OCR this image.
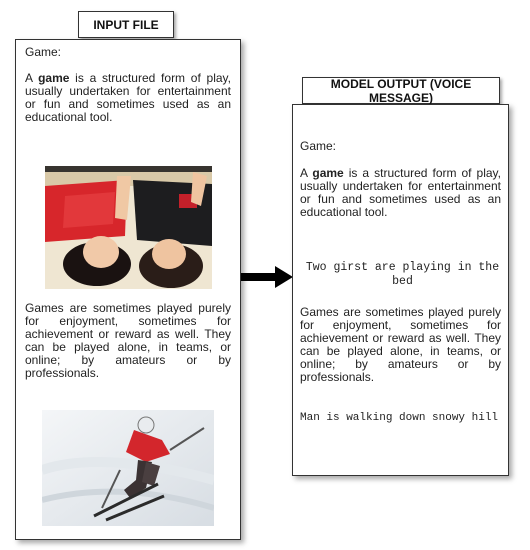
INPUT FILE
Game:
A game is a structured form of play, usually undertaken for entertainment or fun and sometimes used as an educational tool.
Games are sometimes played purely for enjoyment, sometimes for achievement or reward as well. They can be played alone, in teams, or online; by amateurs or by professionals.
MODEL OUTPUT (VOICE MESSAGE)
Game:
A game is a structured form of play, usually undertaken for entertainment or fun and sometimes used as an educational tool.
Two girst are playing in the bed
Games are sometimes played purely for enjoyment, sometimes for achievement or reward as well. They can be played alone, in teams, or online; by amateurs or by professionals.
Man is walking down snowy hill
